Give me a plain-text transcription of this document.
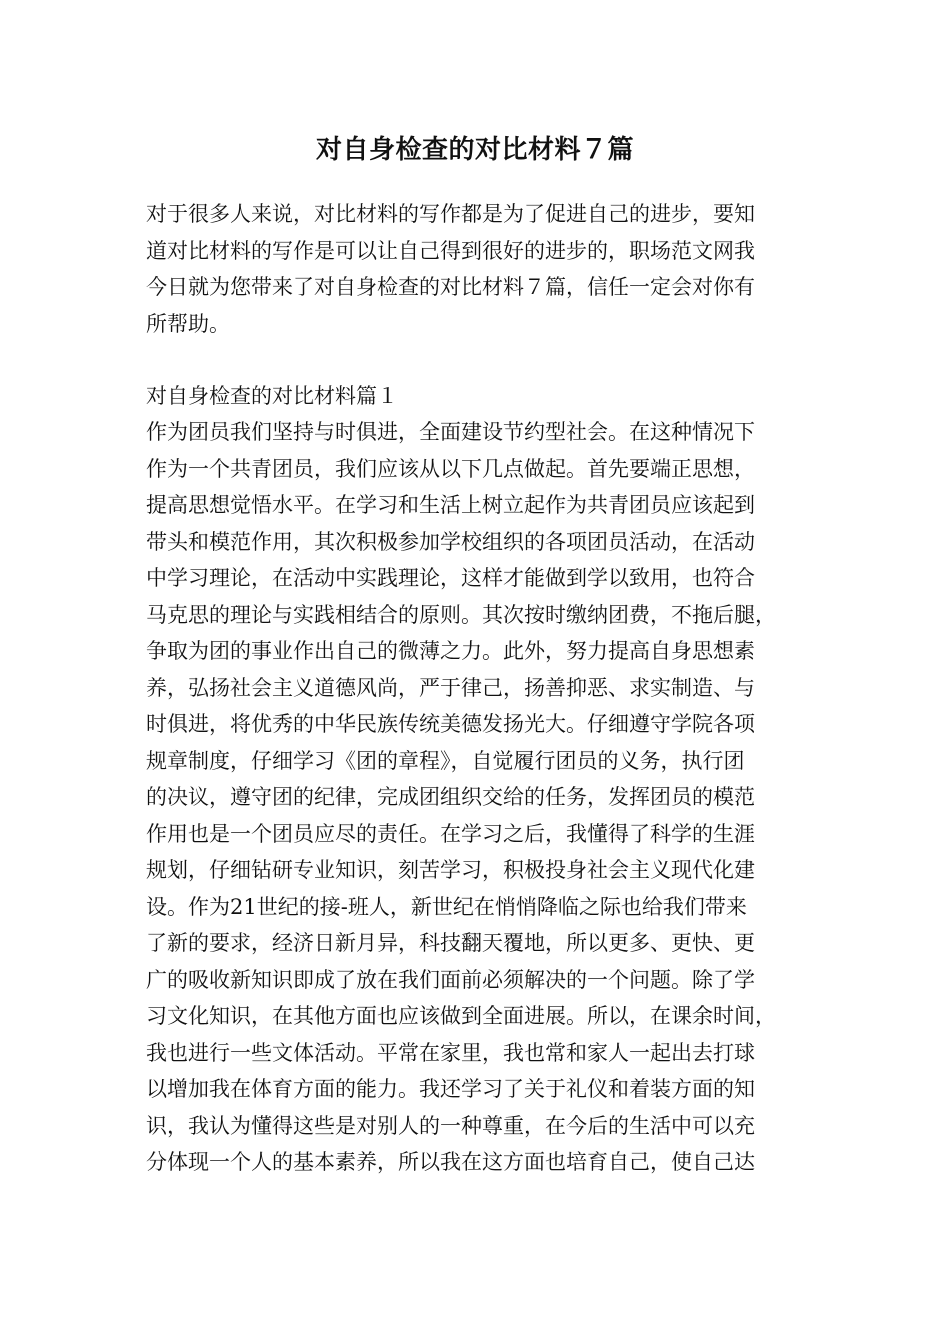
对自身检查的对比材料７篇
对于很多人来说，对比材料的写作都是为了促进自己的进步，要知
道对比材料的写作是可以让自己得到很好的进步的，职场范文网我
今日就为您带来了对自身检查的对比材料７篇，信任一定会对你有
所帮助。
对自身检查的对比材料篇１
作为团员我们坚持与时俱进，全面建设节约型社会。在这种情况下
作为一个共青团员，我们应该从以下几点做起。首先要端正思想，
提高思想觉悟水平。在学习和生活上树立起作为共青团员应该起到
带头和模范作用，其次积极参加学校组织的各项团员活动，在活动
中学习理论，在活动中实践理论，这样才能做到学以致用，也符合
马克思的理论与实践相结合的原则。其次按时缴纳团费，不拖后腿，
争取为团的事业作出自己的微薄之力。此外，努力提高自身思想素
养，弘扬社会主义道德风尚，严于律己，扬善抑恶、求实制造、与
时俱进，将优秀的中华民族传统美德发扬光大。仔细遵守学院各项
规章制度，仔细学习《团的章程》，自觉履行团员的义务，执行团
的决议，遵守团的纪律，完成团组织交给的任务，发挥团员的模范
作用也是一个团员应尽的责任。在学习之后，我懂得了科学的生涯
规划，仔细钻研专业知识，刻苦学习，积极投身社会主义现代化建
设。作为21世纪的接-班人，新世纪在悄悄降临之际也给我们带来
了新的要求，经济日新月异，科技翻天覆地，所以更多、更快、更
广的吸收新知识即成了放在我们面前必须解决的一个问题。除了学
习文化知识，在其他方面也应该做到全面进展。所以，在课余时间，
我也进行一些文体活动。平常在家里，我也常和家人一起出去打球
以增加我在体育方面的能力。我还学习了关于礼仪和着装方面的知
识，我认为懂得这些是对别人的一种尊重，在今后的生活中可以充
分体现一个人的基本素养，所以我在这方面也培育自己，使自己达
